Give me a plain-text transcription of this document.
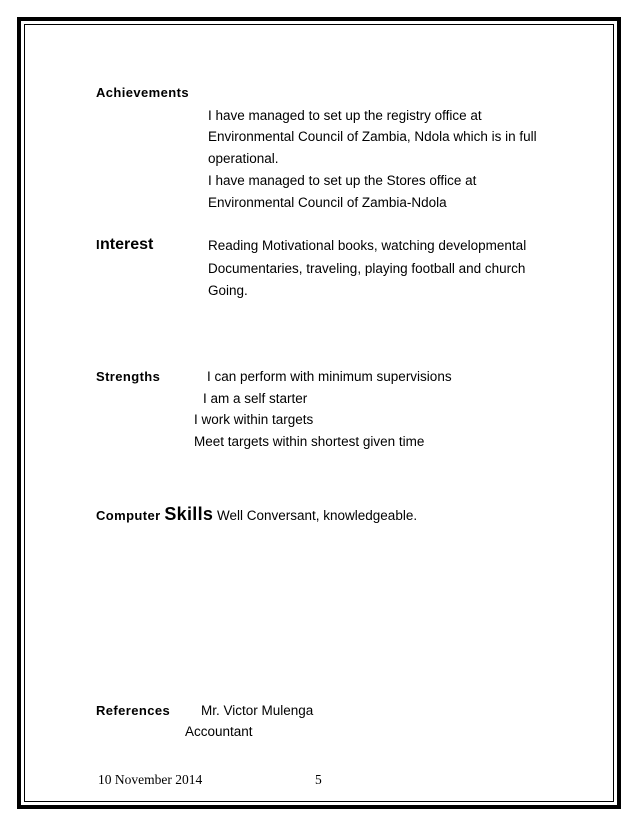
Achievements
I have managed to set up the registry office at
Environmental Council of Zambia, Ndola which is in full
operational.
I have managed to set up the Stores office at
Environmental Council of Zambia-Ndola
Interest	Reading Motivational books, watching developmental
Documentaries, traveling, playing football and church
Going.
Strengths	I can perform with minimum supervisions
I am a self starter
I work within targets
Meet targets within shortest given time
Computer Skills Well Conversant, knowledgeable.
References Mr. Victor Mulenga
Accountant
10 November 2014	5
